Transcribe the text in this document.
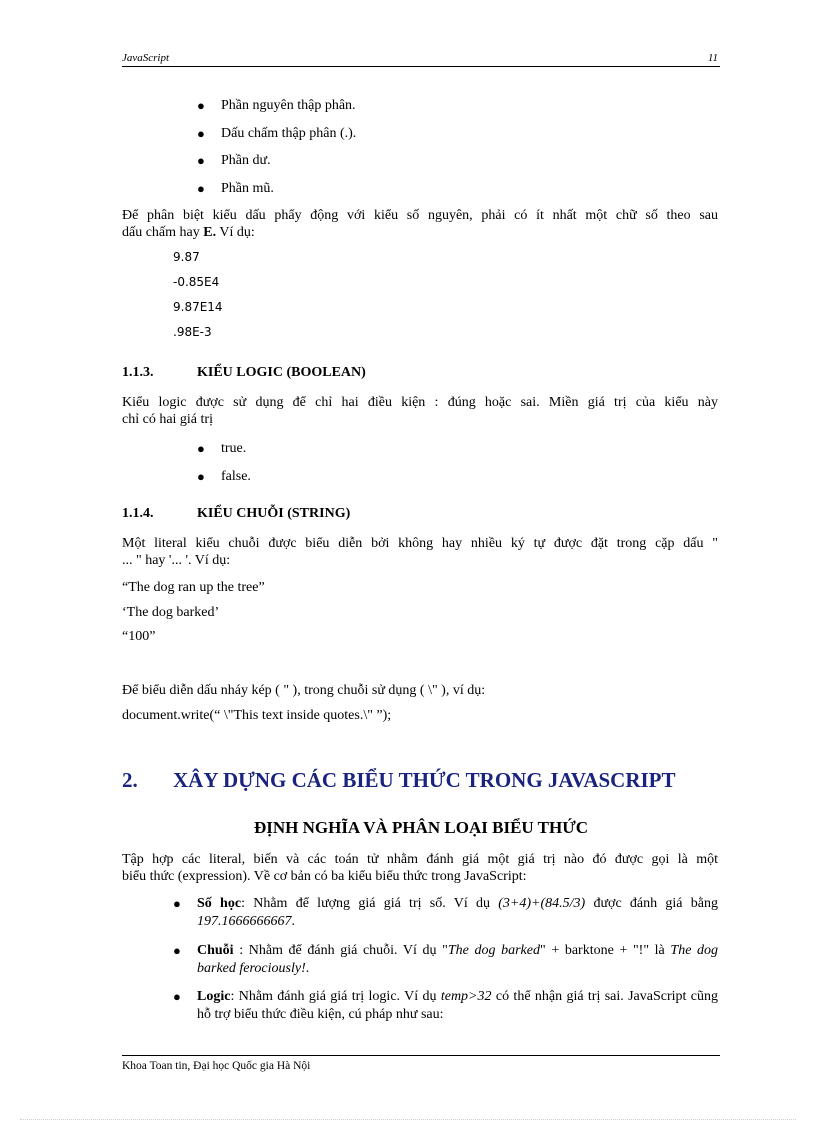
JavaScript	11
● Phần nguyên thập phân.
● Dấu chấm thập phân (.).
● Phần dư.
● Phần mũ.
Để phân biệt kiểu dấu phẩy động với kiểu số nguyên, phải có ít nhất một chữ số theo sau
dấu chấm hay E. Ví dụ:
9.87
-0.85E4
9.87E14
.98E-3
1.1.3.	KIỂU LOGIC (BOOLEAN)
Kiểu logic được sử dụng để chỉ hai điều kiện : đúng hoặc sai. Miền giá trị của kiểu này
chỉ có hai giá trị
● true.
● false.
1.1.4.	KIỂU CHUỖI (STRING)
Một literal kiểu chuỗi được biểu diễn bởi không hay nhiều ký tự được đặt trong cặp dấu "
... " hay '... '. Ví dụ:
“The dog ran up the tree”
‘The dog barked’
“100”
Để biểu diễn dấu nháy kép ( " ), trong chuỗi sử dụng ( \" ), ví dụ:
document.write(“ \"This text inside quotes.\" ”);
2. XÂY DỰNG CÁC BIỂU THỨC TRONG JAVASCRIPT
ĐỊNH NGHĨA VÀ PHÂN LOẠI BIỂU THỨC
Tập hợp các literal, biến và các toán tử nhằm đánh giá một giá trị nào đó được gọi là một
biểu thức (expression). Về cơ bản có ba kiểu biểu thức trong JavaScript:
● Số học: Nhằm để lượng giá giá trị số. Ví dụ (3+4)+(84.5/3) được đánh giá bằng 197.1666666667.
● Chuỗi : Nhằm để đánh giá chuỗi. Ví dụ "The dog barked" + barktone + "!" là The dog barked ferociously!.
● Logic: Nhằm đánh giá giá trị logic. Ví dụ temp>32 có thể nhận giá trị sai. JavaScript cũng hỗ trợ biểu thức điều kiện, cú pháp như sau:
Khoa Toan tin, Đại học Quốc gia Hà Nội
